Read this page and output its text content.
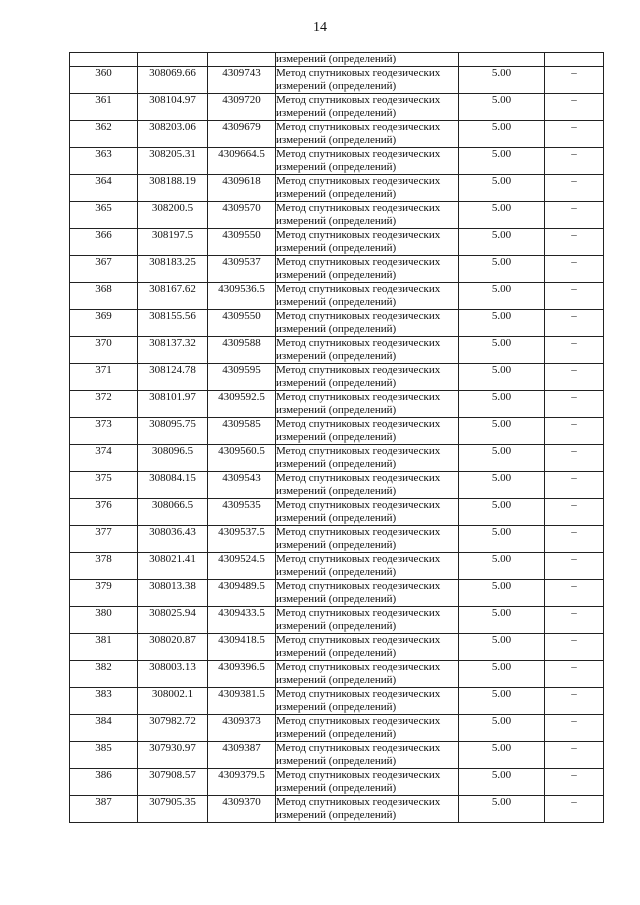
14

			измерений (определений)		

360	308069.66	4309743	Метод спутниковых геодезических
измерений (определений)	5.00	–
361	308104.97	4309720	Метод спутниковых геодезических
измерений (определений)	5.00	–
362	308203.06	4309679	Метод спутниковых геодезических
измерений (определений)	5.00	–
363	308205.31	4309664.5	Метод спутниковых геодезических
измерений (определений)	5.00	–
364	308188.19	4309618	Метод спутниковых геодезических
измерений (определений)	5.00	–
365	308200.5	4309570	Метод спутниковых геодезических
измерений (определений)	5.00	–
366	308197.5	4309550	Метод спутниковых геодезических
измерений (определений)	5.00	–
367	308183.25	4309537	Метод спутниковых геодезических
измерений (определений)	5.00	–
368	308167.62	4309536.5	Метод спутниковых геодезических
измерений (определений)	5.00	–
369	308155.56	4309550	Метод спутниковых геодезических
измерений (определений)	5.00	–
370	308137.32	4309588	Метод спутниковых геодезических
измерений (определений)	5.00	–
371	308124.78	4309595	Метод спутниковых геодезических
измерений (определений)	5.00	–
372	308101.97	4309592.5	Метод спутниковых геодезических
измерений (определений)	5.00	–
373	308095.75	4309585	Метод спутниковых геодезических
измерений (определений)	5.00	–
374	308096.5	4309560.5	Метод спутниковых геодезических
измерений (определений)	5.00	–
375	308084.15	4309543	Метод спутниковых геодезических
измерений (определений)	5.00	–
376	308066.5	4309535	Метод спутниковых геодезических
измерений (определений)	5.00	–
377	308036.43	4309537.5	Метод спутниковых геодезических
измерений (определений)	5.00	–
378	308021.41	4309524.5	Метод спутниковых геодезических
измерений (определений)	5.00	–
379	308013.38	4309489.5	Метод спутниковых геодезических
измерений (определений)	5.00	–
380	308025.94	4309433.5	Метод спутниковых геодезических
измерений (определений)	5.00	–
381	308020.87	4309418.5	Метод спутниковых геодезических
измерений (определений)	5.00	–
382	308003.13	4309396.5	Метод спутниковых геодезических
измерений (определений)	5.00	–
383	308002.1	4309381.5	Метод спутниковых геодезических
измерений (определений)	5.00	–
384	307982.72	4309373	Метод спутниковых геодезических
измерений (определений)	5.00	–
385	307930.97	4309387	Метод спутниковых геодезических
измерений (определений)	5.00	–
386	307908.57	4309379.5	Метод спутниковых геодезических
измерений (определений)	5.00	–
387	307905.35	4309370	Метод спутниковых геодезических
измерений (определений)	5.00	–
